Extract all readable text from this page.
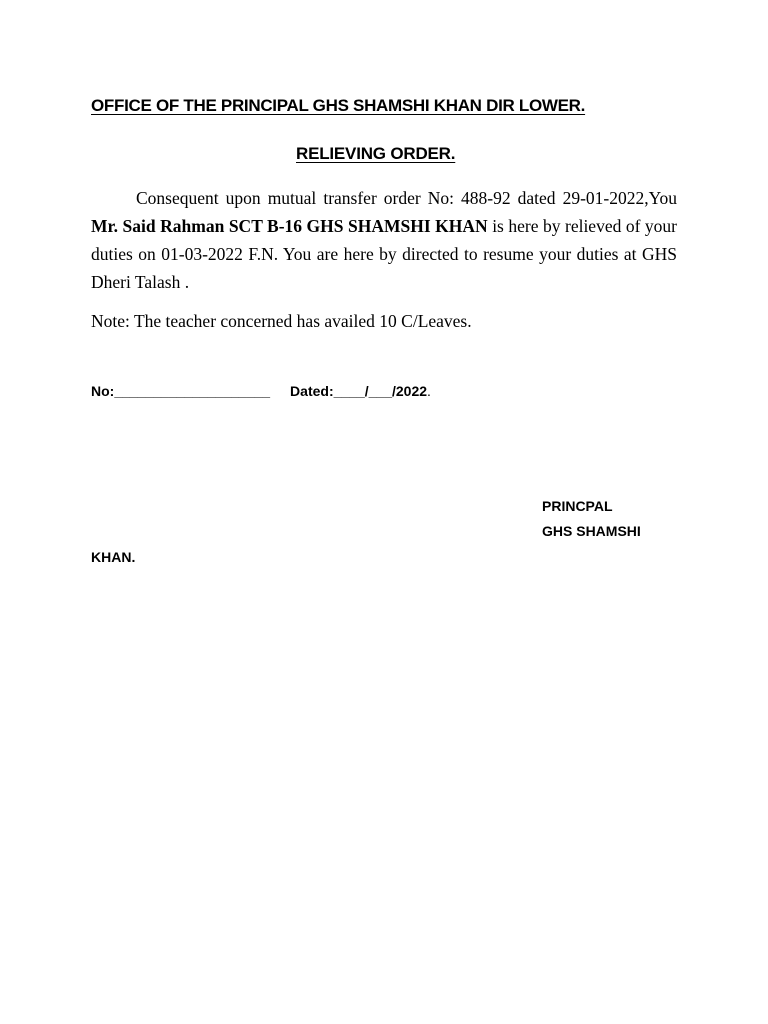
OFFICE OF THE PRINCIPAL GHS SHAMSHI KHAN DIR LOWER.
RELIEVING ORDER.

Consequent upon mutual transfer order No: 488-92 dated 29-01-2022,You Mr. Said Rahman SCT B-16 GHS SHAMSHI KHAN is here by relieved of your duties on 01-03-2022 F.N. You are here by directed to resume your duties at GHS Dheri Talash .

Note: The teacher concerned has availed 10 C/Leaves.

No:____________________ Dated:____/___/2022.
PRINCPAL
GHS SHAMSHI
KHAN.
